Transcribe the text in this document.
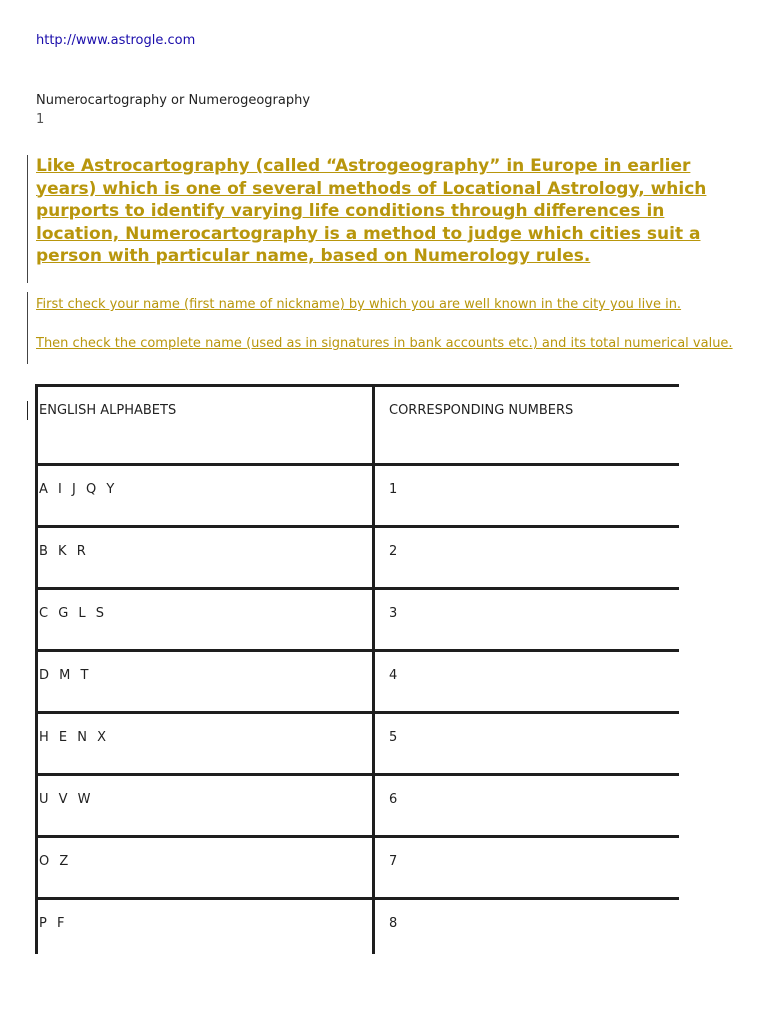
http://www.astrogle.com
Numerocartography or Numerogeography
1

Like Astrocartography (called “Astrogeography” in Europe in earlier years) which is one of several methods of Locational Astrology, which purports to identify varying life conditions through differences in location, Numerocartography is a method to judge which cities suit a person with particular name, based on Numerology rules.

First check your name (first name of nickname) by which you are well known in the city you live in.

Then check the complete name (used as in signatures in bank accounts etc.) and its total numerical value.

ENGLISH ALPHABETS	CORRESPONDING NUMBERS
A I J Q Y	1
B K R	2
C G L S	3
D M T	4
H E N X	5
U V W	6
O Z	7
P F	8
